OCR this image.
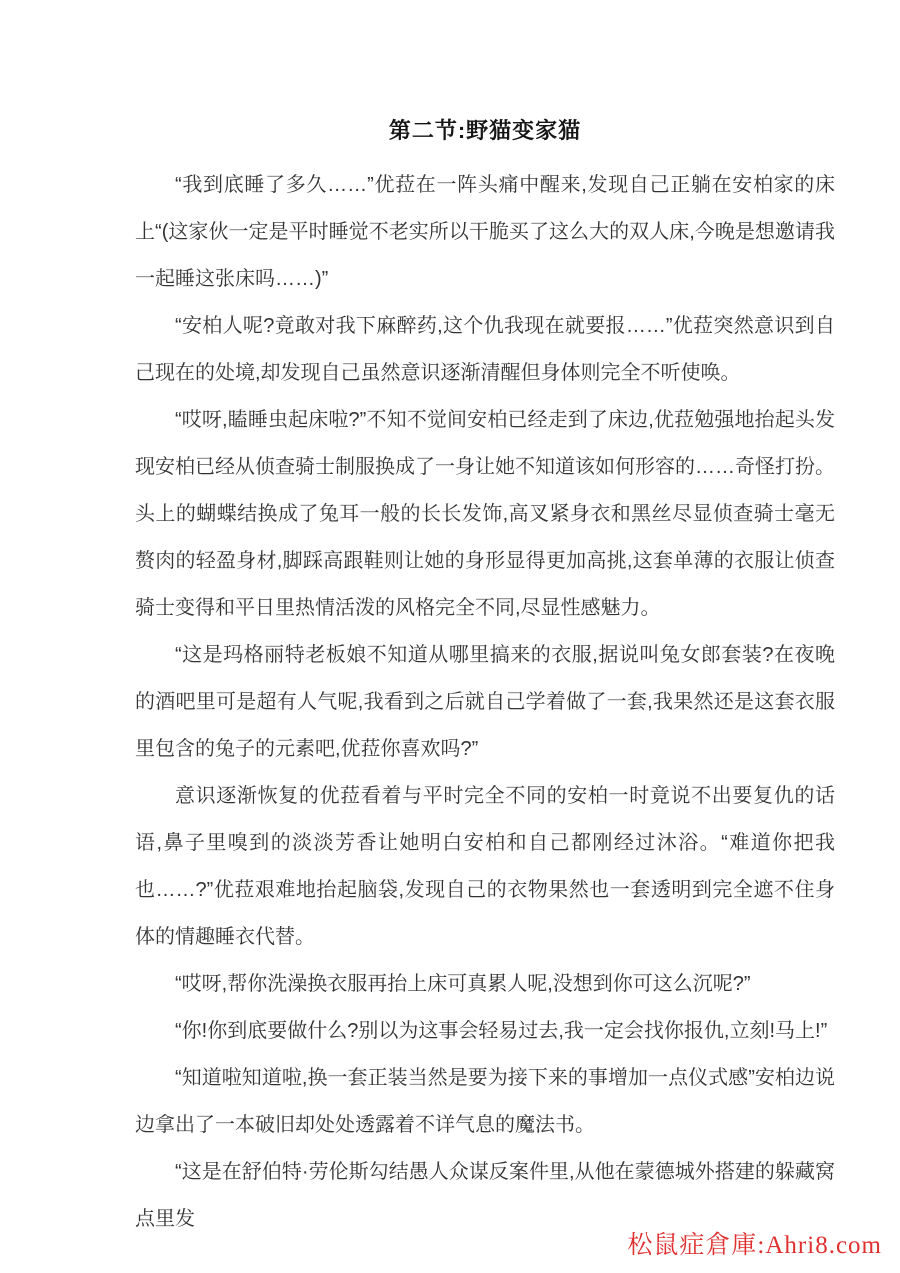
第二节:野猫变家猫

“我到底睡了多久……”优菈在一阵头痛中醒来,发现自己正躺在安柏家的床上“(这家伙一定是平时睡觉不老实所以干脆买了这么大的双人床,今晚是想邀请我一起睡这张床吗……)”

“安柏人呢?竟敢对我下麻醉药,这个仇我现在就要报……”优菈突然意识到自己现在的处境,却发现自己虽然意识逐渐清醒但身体则完全不听使唤。

“哎呀,瞌睡虫起床啦?”不知不觉间安柏已经走到了床边,优菈勉强地抬起头发现安柏已经从侦查骑士制服换成了一身让她不知道该如何形容的……奇怪打扮。头上的蝴蝶结换成了兔耳一般的长长发饰,高叉紧身衣和黑丝尽显侦查骑士毫无赘肉的轻盈身材,脚踩高跟鞋则让她的身形显得更加高挑,这套单薄的衣服让侦查骑士变得和平日里热情活泼的风格完全不同,尽显性感魅力。

“这是玛格丽特老板娘不知道从哪里搞来的衣服,据说叫兔女郎套装?在夜晚的酒吧里可是超有人气呢,我看到之后就自己学着做了一套,我果然还是这套衣服里包含的兔子的元素吧,优菈你喜欢吗?”

意识逐渐恢复的优菈看着与平时完全不同的安柏一时竟说不出要复仇的话语,鼻子里嗅到的淡淡芳香让她明白安柏和自己都刚经过沐浴。“难道你把我也……?”优菈艰难地抬起脑袋,发现自己的衣物果然也一套透明到完全遮不住身体的情趣睡衣代替。

“哎呀,帮你洗澡换衣服再抬上床可真累人呢,没想到你可这么沉呢?”

“你!你到底要做什么?别以为这事会轻易过去,我一定会找你报仇,立刻!马上!”

“知道啦知道啦,换一套正装当然是要为接下来的事增加一点仪式感”安柏边说边拿出了一本破旧却处处透露着不详气息的魔法书。

“这是在舒伯特·劳伦斯勾结愚人众谋反案件里,从他在蒙德城外搭建的躲藏窝点里发

松鼠症倉庫:Ahri8.com
